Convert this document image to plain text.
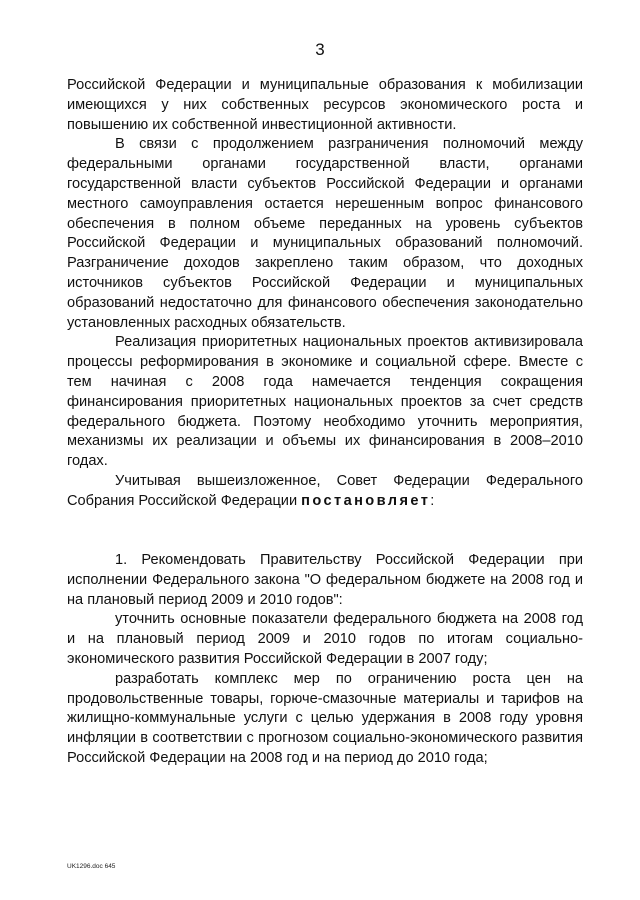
3

Российской Федерации и муниципальные образования к мобилизации имеющихся у них собственных ресурсов экономического роста и повышению их собственной инвестиционной активности.

В связи с продолжением разграничения полномочий между федеральными органами государственной власти, органами государственной власти субъектов Российской Федерации и органами местного самоуправления остается нерешенным вопрос финансового обеспечения в полном объеме переданных на уровень субъектов Российской Федерации и муниципальных образований полномочий. Разграничение доходов закреплено таким образом, что доходных источников субъектов Российской Федерации и муниципальных образований недостаточно для финансового обеспечения законодательно установленных расходных обязательств.

Реализация приоритетных национальных проектов активизировала процессы реформирования в экономике и социальной сфере. Вместе с тем начиная с 2008 года намечается тенденция сокращения финансирования приоритетных национальных проектов за счет средств федерального бюджета. Поэтому необходимо уточнить мероприятия, механизмы их реализации и объемы их финансирования в 2008–2010 годах.

Учитывая вышеизложенное, Совет Федерации Федерального Собрания Российской Федерации постановляет:

1. Рекомендовать Правительству Российской Федерации при исполнении Федерального закона "О федеральном бюджете на 2008 год и на плановый период 2009 и 2010 годов":

уточнить основные показатели федерального бюджета на 2008 год и на плановый период 2009 и 2010 годов по итогам социально-экономического развития Российской Федерации в 2007 году;

разработать комплекс мер по ограничению роста цен на продовольственные товары, горюче-смазочные материалы и тарифов на жилищно-коммунальные услуги с целью удержания в 2008 году уровня инфляции в соответствии с прогнозом социально-экономического развития Российской Федерации на 2008 год и на период до 2010 года;

UK1296.doc 645
